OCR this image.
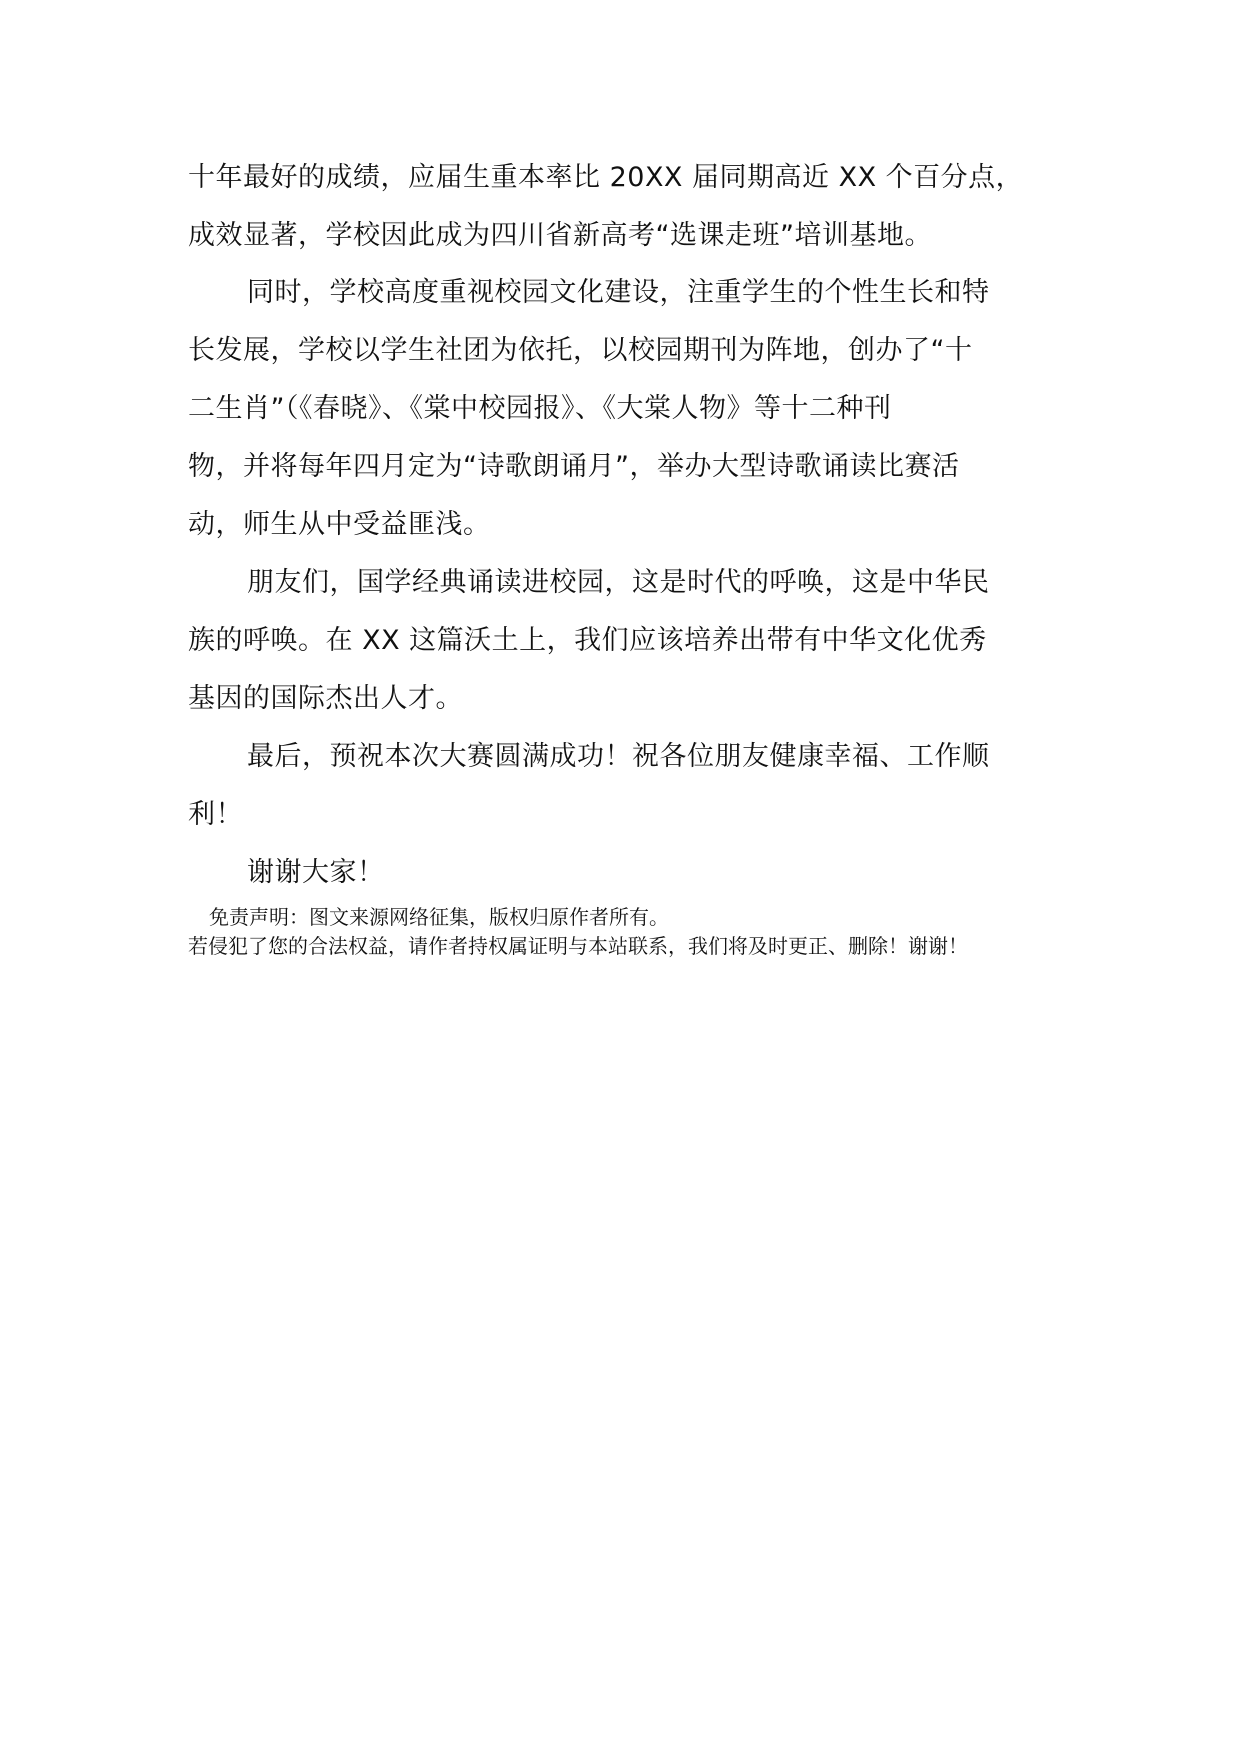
十年最好的成绩，应届生重本率比 20XX 届同期高近 XX 个百分点，
成效显著，学校因此成为四川省新高考“选课走班”培训基地。
同时，学校高度重视校园文化建设，注重学生的个性生长和特
长发展，学校以学生社团为依托，以校园期刊为阵地，创办了“十
二生肖”（《春晓》、《棠中校园报》、《大棠人物》等十二种刊
物，并将每年四月定为“诗歌朗诵月”，举办大型诗歌诵读比赛活
动，师生从中受益匪浅。
朋友们，国学经典诵读进校园，这是时代的呼唤，这是中华民
族的呼唤。在 XX 这篇沃土上，我们应该培养出带有中华文化优秀
基因的国际杰出人才。
最后，预祝本次大赛圆满成功！祝各位朋友健康幸福、工作顺
利！
谢谢大家！
免责声明：图文来源网络征集，版权归原作者所有。
若侵犯了您的合法权益，请作者持权属证明与本站联系，我们将及时更正、删除！谢谢！
